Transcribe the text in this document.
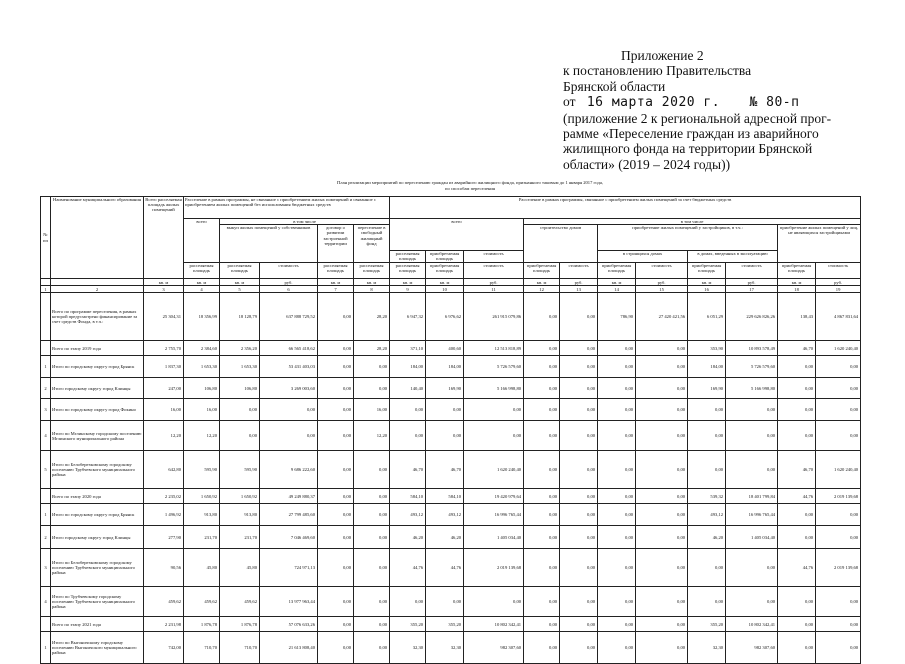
Приложение 2
к постановлению Правительства
Брянской области
от 16 марта 2020 г. № 80-п
(приложение 2 к региональной адресной прог-
рамме «Переселение граждан из аварийного
жилищного фонда на территории Брянской
области» (2019 – 2024 годы))
План реализации мероприятий по переселению граждан из аварийного жилищного фонда, признанного таковым до 1 января 2017 года,
по способам переселения
№ пп	Наименование муниципального образования	Всего расселяемая площадь жилых помещений	Расселение в рамках программы, не связанное с приобретением жилых помещений и связанное с приобретением жилых помещений без использования бюджетных средств					Расселение в рамках программы, связанное с приобретением жилых помещений за счет бюджетных средств										
			всего	в том числе				всего			в том числе							
				выкуп жилых помещений у собственников		договор о развитии застроенной территории	переселение в свободный жилищный фонд				строительство домов		приобретение жилых помещений у застройщиков, в т.ч.:				приобретение жилых помещений у лиц, не являющихся застройщиками	
								расселяемая площадь	приобретаемая площадь	стоимость			в строящихся домах		в домах, введенных в эксплуатацию			
			расселяемая площадь	расселяемая площадь	стоимость	расселяемая площадь	расселяемая площадь	расселяемая площадь	приобретаемая площадь	стоимость	приобретаемая площадь	стоимость	приобретаемая площадь	стоимость	приобретаемая площадь	стоимость	приобретаемая площадь	стоимость
		кв. м	кв. м	кв. м	руб.	кв. м	кв. м	кв. м	кв. м	руб.	кв. м	руб.	кв. м	руб.	кв. м	руб.	кв. м	руб.
1	2	3	4	5	6	7	8	9	10	11	12	13	14	15	16	17	18	19
	Всего по программе переселения, в рамках которой предусмотрено финансирование за счет средств Фонда, в т.ч.:	25 304,31	18 356,99	18 128,79	637 888 729,52	0,00	28,20	6 947,32	6 976,62	261 915 079,86	0,00	0,00	786,90	27 420 421,56	6 051,29	229 626 826,26	138,43	4 867 831,64
	Всего по этапу 2019 года	2 755,70	2 384,60	2 356,20	66 565 418,62	0,00	28,20	371,10	400,60	12 513 818,89	0,00	0,00	0,00	0,00	353,90	10 893 578,49	46,70	1 620 240,40
1	Итого по городскому округу город Брянск	1 837,30	1 653,30	1 653,30	53 431 403,03	0,00	0,00	184,00	184,00	5 726 579,60	0,00	0,00	0,00	0,00	184,00	5 726 579,60	0,00	0,00
2	Итого городскому округу город Клинцы	247,00	106,80	106,80	3 269 003,60	0,00	0,00	140,40	169,90	5 166 998,80	0,00	0,00	0,00	0,00	169,90	5 166 998,80	0,00	0,00
3	Итого по городскому округу город Фокино	16,00	16,00	0,00	0,00	0,00	16,00	0,00	0,00	0,00	0,00	0,00	0,00	0,00	0,00	0,00	0,00	0,00
4	Итого по Мглинскому городскому поселению Мглинского муниципального района	12,20	12,20	0,00	0,00	0,00	12,20	0,00	0,00	0,00	0,00	0,00	0,00	0,00	0,00	0,00	0,00	0,00
5	Итого по Белоберезковскому городскому поселению Трубчевского муниципального района	642,80	595,90	595,90	9 686 222,60	0,00	0,00	46,70	46,70	1 620 240,40	0,00	0,00	0,00	0,00	0,00	0,00	46,70	1 620 240,40
	Всего по этапу 2020 года	2 235,02	1 650,92	1 650,92	49 249 880,37	0,00	0,00	584,10	584,10	19 420 979,64	0,00	0,00	0,00	0,00	539,32	18 401 799,84	44,76	2 019 139,68
1	Итого по городскому округу город Брянск	1 496,92	913,80	913,80	27 799 485,60	0,00	0,00	493,12	493,12	16 996 765,44	0,00	0,00	0,00	0,00	493,12	16 996 765,44	0,00	0,00
2	Итого городскому округу город Клинцы	277,90	231,70	231,70	7 046 469,60	0,00	0,00	46,20	46,20	1 405 034,40	0,00	0,00	0,00	0,00	46,20	1 405 034,40	0,00	0,00
3	Итого по Белоберезковскому городскому поселению Трубчевского муниципального района	90,56	45,80	45,80	724 971,13	0,00	0,00	44,76	44,76	2 019 139,68	0,00	0,00	0,00	0,00	0,00	0,00	44,76	2 019 139,68
4	Итого по Трубчевскому городскому поселению Трубчевского муниципального района	459,62	459,62	459,62	13 977 963,44	0,00	0,00	0,00	0,00	0,00	0,00	0,00	0,00	0,00	0,00	0,00	0,00	0,00
	Всего по этапу 2021 года	2 231,98	1 876,78	1 876,78	57 076 633,26	0,00	0,00	355,20	355,20	10 802 342,41	0,00	0,00	0,00	0,00	355,20	10 802 342,41	0,00	0,00
1	Итого по Выгоничскому городскому поселению Выгоничского муниципального района	742,00	710,70	710,70	21 613 808,40	0,00	0,00	32,30	32,30	982 307,60	0,00	0,00	0,00	0,00	32,30	982 307,60	0,00	0,00
